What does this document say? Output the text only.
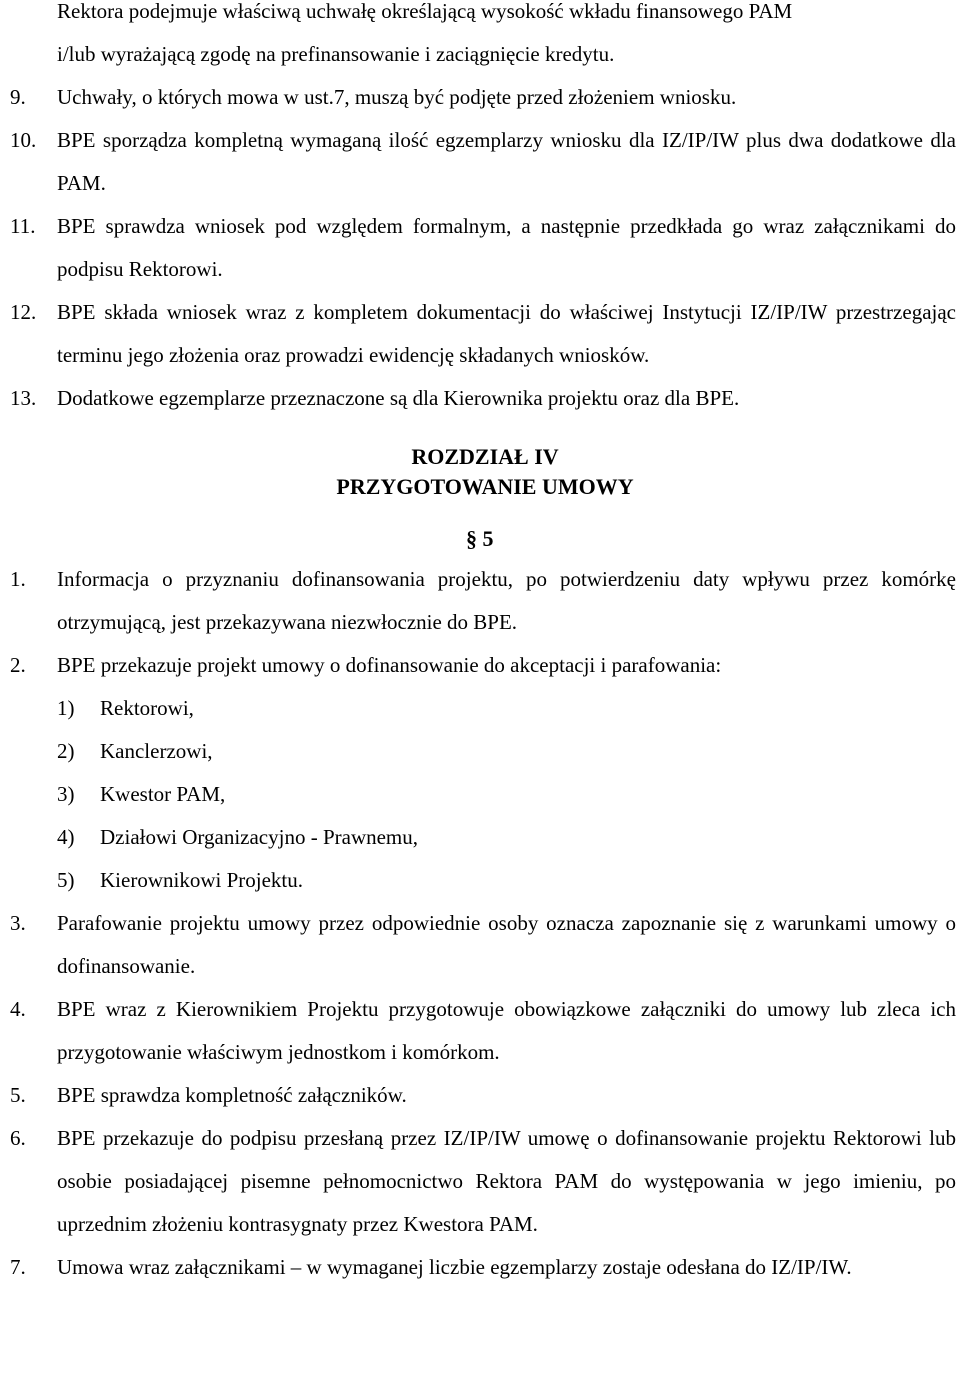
Rektora podejmuje właściwą uchwałę określającą wysokość wkładu finansowego PAM
i/lub wyrażającą zgodę na prefinansowanie i zaciągnięcie kredytu.
9. Uchwały, o których mowa w ust.7, muszą być podjęte przed złożeniem wniosku.
10. BPE sporządza kompletną wymaganą ilość egzemplarzy wniosku dla IZ/IP/IW plus dwa dodatkowe dla PAM.
11. BPE sprawdza wniosek pod względem formalnym, a następnie przedkłada go wraz załącznikami do podpisu Rektorowi.
12. BPE składa wniosek wraz z kompletem dokumentacji do właściwej Instytucji IZ/IP/IW przestrzegając terminu jego złożenia oraz prowadzi ewidencję składanych wniosków.
13. Dodatkowe egzemplarze przeznaczone są dla Kierownika projektu oraz dla BPE.
ROZDZIAŁ IV
PRZYGOTOWANIE UMOWY
§ 5
1. Informacja o przyznaniu dofinansowania projektu, po potwierdzeniu daty wpływu przez komórkę otrzymującą, jest przekazywana niezwłocznie do BPE.
2. BPE przekazuje projekt umowy o dofinansowanie do akceptacji i parafowania:
1) Rektorowi,
2) Kanclerzowi,
3) Kwestor PAM,
4) Działowi Organizacyjno - Prawnemu,
5) Kierownikowi Projektu.
3. Parafowanie projektu umowy przez odpowiednie osoby oznacza zapoznanie się z warunkami umowy o dofinansowanie.
4. BPE wraz z Kierownikiem Projektu przygotowuje obowiązkowe załączniki do umowy lub zleca ich przygotowanie właściwym jednostkom i komórkom.
5. BPE sprawdza kompletność załączników.
6. BPE przekazuje do podpisu przesłaną przez IZ/IP/IW umowę o dofinansowanie projektu Rektorowi lub osobie posiadającej pisemne pełnomocnictwo Rektora PAM do występowania w jego imieniu, po uprzednim złożeniu kontrasygnaty przez Kwestora PAM.
7. Umowa wraz załącznikami – w wymaganej liczbie egzemplarzy zostaje odesłana do IZ/IP/IW.
